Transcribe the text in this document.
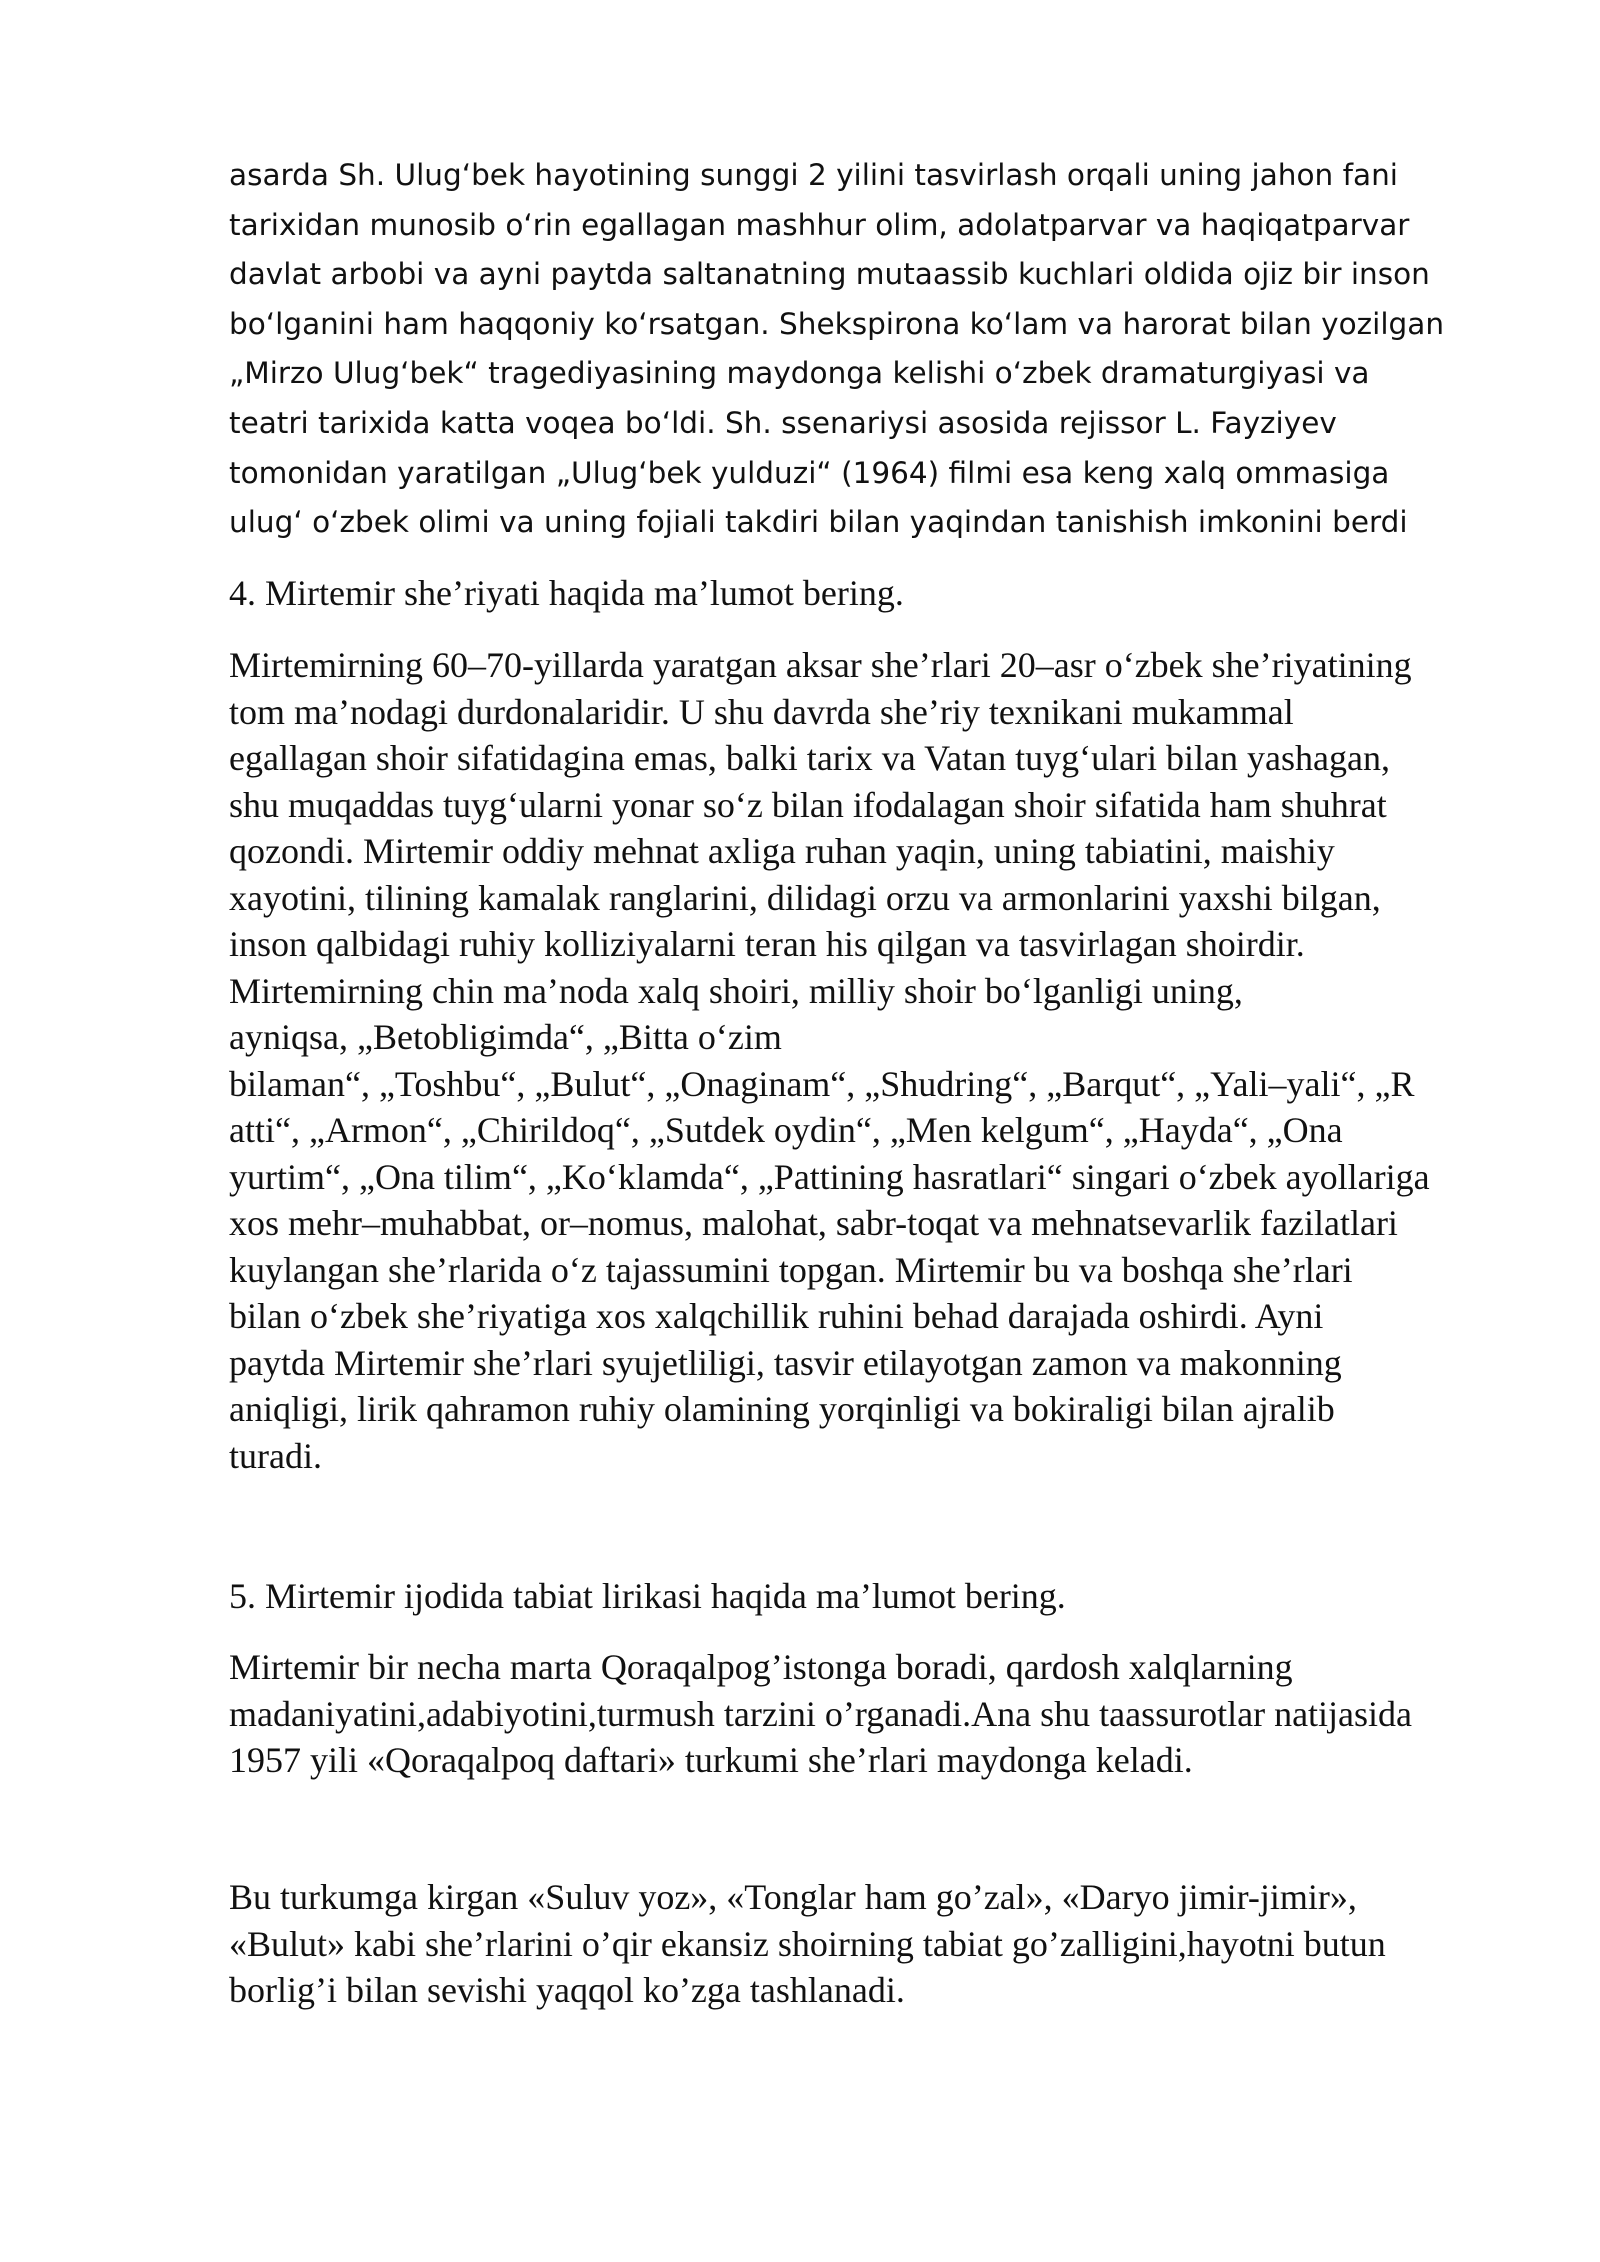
asarda Sh. Ulug‘bek hayotining sunggi 2 yilini tasvirlash orqali uning jahon fani
tarixidan munosib o‘rin egallagan mashhur olim, adolatparvar va haqiqatparvar
davlat arbobi va ayni paytda saltanatning mutaassib kuchlari oldida ojiz bir inson
bo‘lganini ham haqqoniy ko‘rsatgan. Shekspirona ko‘lam va harorat bilan yozilgan
„Mirzo Ulug‘bek“ tragediyasining maydonga kelishi o‘zbek dramaturgiyasi va
teatri tarixida katta voqea bo‘ldi. Sh. ssenariysi asosida rejissor L. Fayziyev
tomonidan yaratilgan „Ulug‘bek yulduzi“ (1964) filmi esa keng xalq ommasiga
ulug‘ o‘zbek olimi va uning fojiali takdiri bilan yaqindan tanishish imkonini berdi

4. Mirtemir she’riyati haqida ma’lumot bering.

Mirtemirning 60–70-yillarda yaratgan aksar she’rlari 20–asr o‘zbek she’riyatining
tom ma’nodagi durdonalaridir. U shu davrda she’riy texnikani mukammal
egallagan shoir sifatidagina emas, balki tarix va Vatan tuyg‘ulari bilan yashagan,
shu muqaddas tuyg‘ularni yonar so‘z bilan ifodalagan shoir sifatida ham shuhrat
qozondi. Mirtemir oddiy mehnat axliga ruhan yaqin, uning tabiatini, maishiy
xayotini, tilining kamalak ranglarini, dilidagi orzu va armonlarini yaxshi bilgan,
inson qalbidagi ruhiy kolliziyalarni teran his qilgan va tasvirlagan shoirdir.
Mirtemirning chin ma’noda xalq shoiri, milliy shoir bo‘lganligi uning,
ayniqsa, „Betobligimda“, „Bitta o‘zim
bilaman“, „Toshbu“, „Bulut“, „Onaginam“, „Shudring“, „Barqut“, „Yali–yali“, „R
atti“, „Armon“, „Chirildoq“, „Sutdek oydin“, „Men kelgum“, „Hayda“, „Ona
yurtim“, „Ona tilim“, „Ko‘klamda“, „Pattining hasratlari“ singari o‘zbek ayollariga
xos mehr–muhabbat, or–nomus, malohat, sabr-toqat va mehnatsevarlik fazilatlari
kuylangan she’rlarida o‘z tajassumini topgan. Mirtemir bu va boshqa she’rlari
bilan o‘zbek she’riyatiga xos xalqchillik ruhini behad darajada oshirdi. Ayni
paytda Mirtemir she’rlari syujetliligi, tasvir etilayotgan zamon va makonning
aniqligi, lirik qahramon ruhiy olamining yorqinligi va bokiraligi bilan ajralib
turadi.

5. Mirtemir ijodida tabiat lirikasi haqida ma’lumot bering.

Mirtemir bir necha marta Qoraqalpog’istonga boradi, qardosh xalqlarning
madaniyatini,adabiyotini,turmush tarzini o’rganadi.Ana shu taassurotlar natijasida
1957 yili «Qoraqalpoq daftari» turkumi she’rlari maydonga keladi.

Bu turkumga kirgan «Suluv yoz», «Tonglar ham go’zal», «Daryo jimir-jimir»,
«Bulut» kabi she’rlarini o’qir ekansiz shoirning tabiat go’zalligini,hayotni butun
borlig’i bilan sevishi yaqqol ko’zga tashlanadi.
